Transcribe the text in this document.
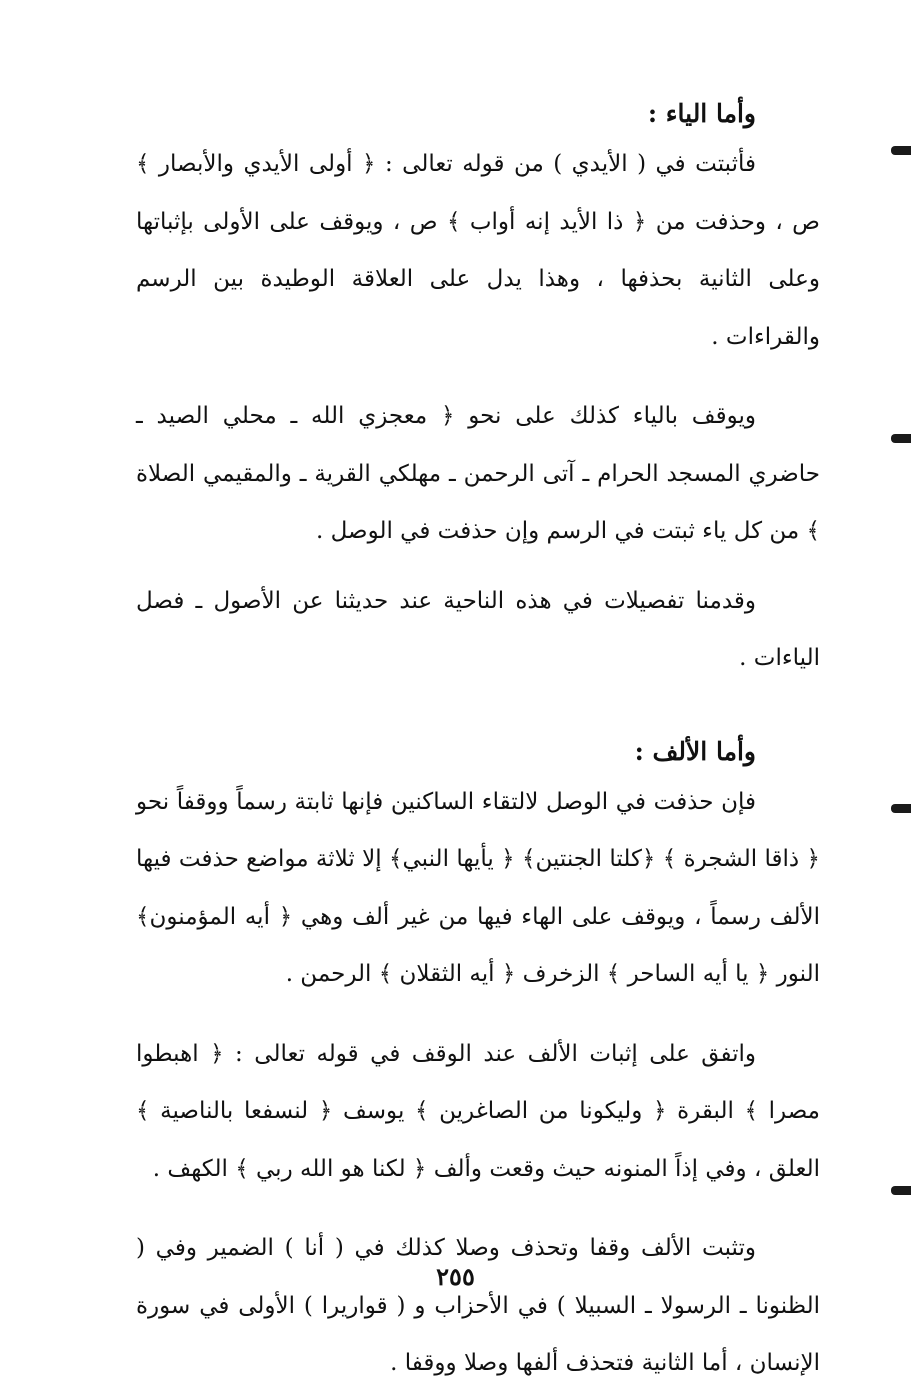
وأما الياء :

فأثبتت في ( الأيدي ) من قوله تعالى : ﴿ أولى الأيدي والأبصار ﴾ ص ، وحذفت من ﴿ ذا الأيد إنه أواب ﴾ ص ، ويوقف على الأولى بإثباتها وعلى الثانية بحذفها ، وهذا يدل على العلاقة الوطيدة بين الرسم والقراءات .

ويوقف بالياء كذلك على نحو ﴿ معجزي الله ـ محلي الصيد ـ حاضري المسجد الحرام ـ آتى الرحمن ـ مهلكي القرية ـ والمقيمي الصلاة ﴾ من كل ياء ثبتت في الرسم وإن حذفت في الوصل .

وقدمنا تفصيلات في هذه الناحية عند حديثنا عن الأصول ـ فصل الياءات .

وأما الألف :

فإن حذفت في الوصل لالتقاء الساكنين فإنها ثابتة رسماً ووقفاً نحو ﴿ ذاقا الشجرة ﴾ ﴿كلتا الجنتين﴾ ﴿ يأيها النبي﴾ إلا ثلاثة مواضع حذفت فيها الألف رسماً ، ويوقف على الهاء فيها من غير ألف وهي ﴿ أيه المؤمنون﴾ النور ﴿ يا أيه الساحر ﴾ الزخرف ﴿ أيه الثقلان ﴾ الرحمن .

واتفق على إثبات الألف عند الوقف في قوله تعالى : ﴿ اهبطوا مصرا ﴾ البقرة ﴿ وليكونا من الصاغرين ﴾ يوسف ﴿ لنسفعا بالناصية ﴾ العلق ، وفي إذاً المنونه حيث وقعت وألف ﴿ لكنا هو الله ربي ﴾ الكهف .

وتثبت الألف وقفا وتحذف وصلا كذلك في ( أنا ) الضمير وفي ( الظنونا ـ الرسولا ـ السبيلا ) في الأحزاب و ( قواريرا ) الأولى في سورة الإنسان ، أما الثانية فتحذف ألفها وصلا ووقفا .

٢٥٥
